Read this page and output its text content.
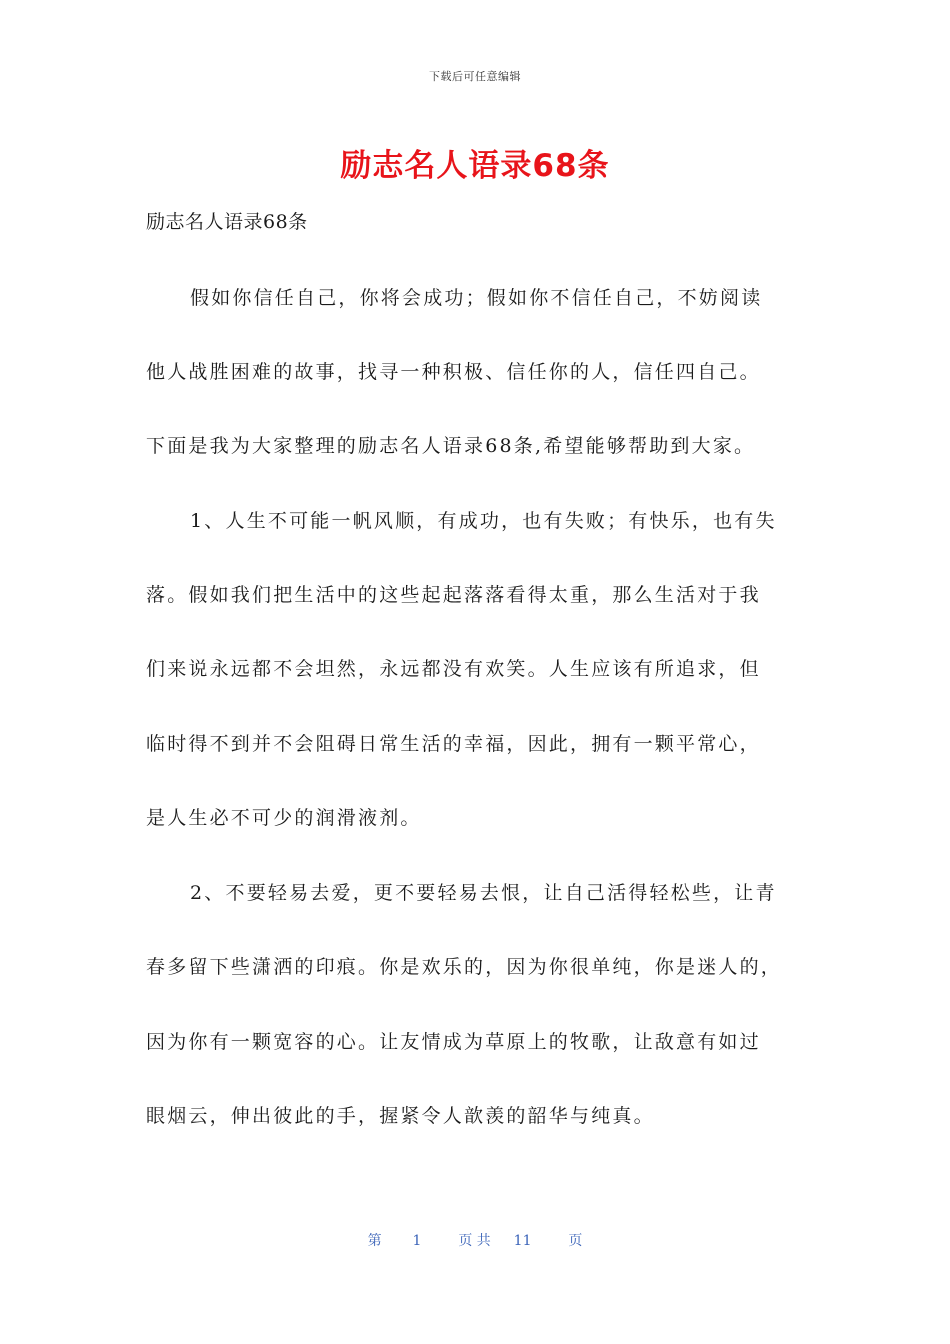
下载后可任意编辑
励志名人语录68条
励志名人语录68条
假如你信任自己，你将会成功；假如你不信任自己，不妨阅读
他人战胜困难的故事，找寻一种积极、信任你的人，信任四自己。
下面是我为大家整理的励志名人语录68条,希望能够帮助到大家。
1、人生不可能一帆风顺，有成功，也有失败；有快乐，也有失
落。假如我们把生活中的这些起起落落看得太重，那么生活对于我
们来说永远都不会坦然，永远都没有欢笑。人生应该有所追求，但
临时得不到并不会阻碍日常生活的幸福，因此，拥有一颗平常心，
是人生必不可少的润滑液剂。
2、不要轻易去爱，更不要轻易去恨，让自己活得轻松些，让青
春多留下些潇洒的印痕。你是欢乐的，因为你很单纯，你是迷人的，
因为你有一颗宽容的心。让友情成为草原上的牧歌，让敌意有如过
眼烟云，伸出彼此的手，握紧令人歆羡的韶华与纯真。
第 1	页 共 11	页
